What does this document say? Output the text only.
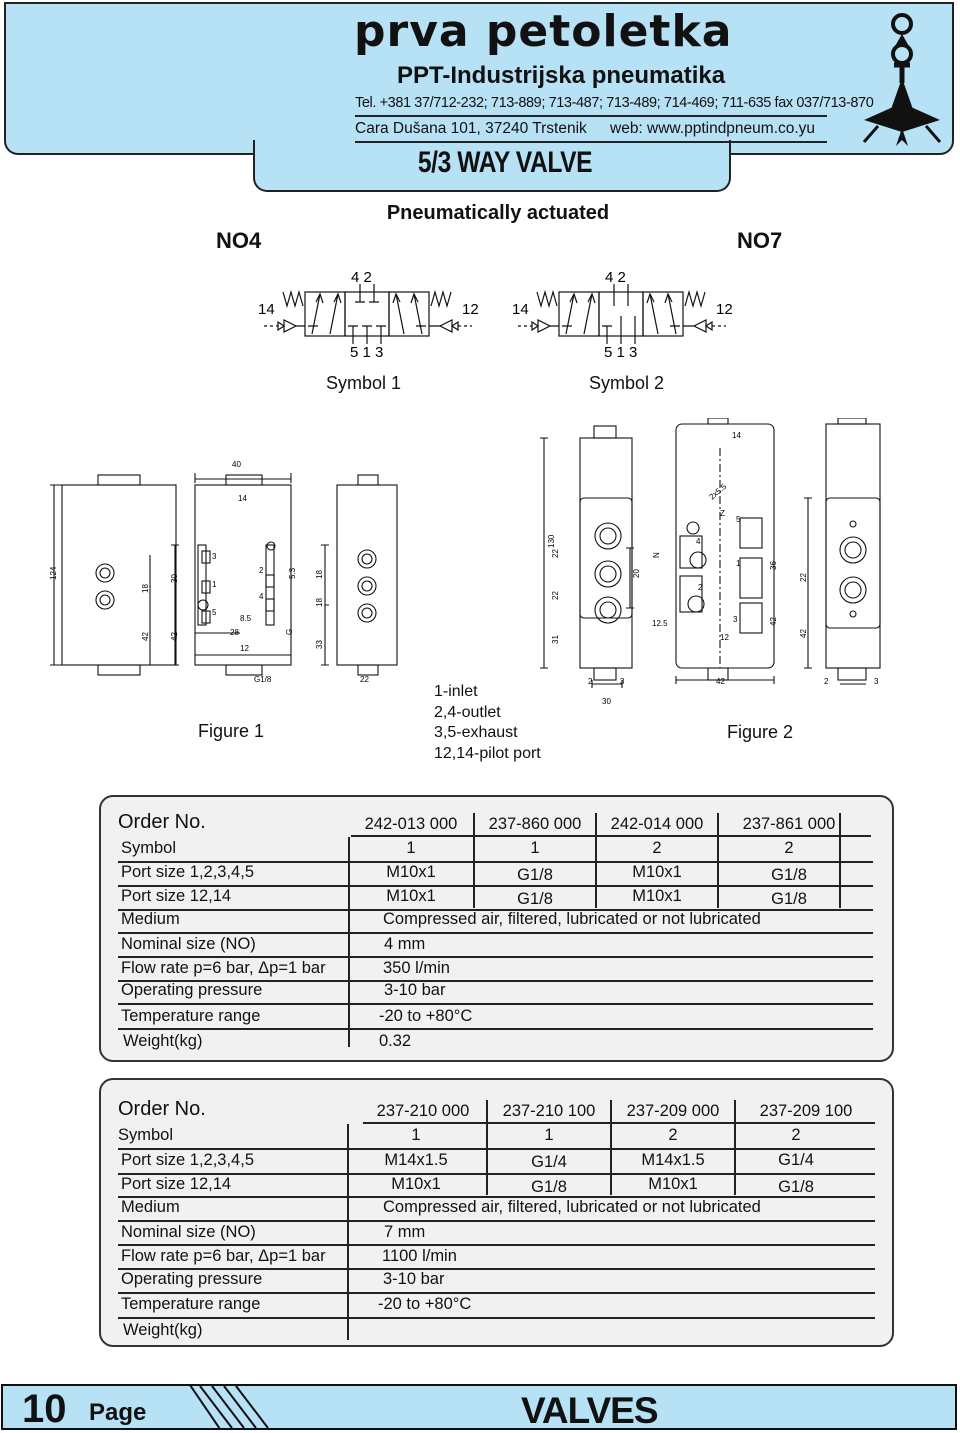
prva petoletka
PPT-Industrijska pneumatika
Tel. +381 37/712-232; 713-889; 713-487; 713-489; 714-469; 711-635 fax 037/713-870
Cara Dušana 101, 37240 Trstenik web: www.pptindpneum.co.yu
5/3 WAY VALVE
Pneumatically actuated
NO4	NO7
14	12
4 2
5 1 3
Symbol 1
14	12
4 2
5 1 3
Symbol 2
40
14
124
18
42
30
42
3
1
5
2
4
8.5
28
12
G1/8
G
5.3 18
18
33
22
130
22
22
31
20
N
12.5
14
2x5.5
Z
5
4
1
2
3
36
42
12
22
42
2	3
30
42	2	3
Figure 1	Figure 2
1-inlet
2,4-outlet
3,5-exhaust
12,14-pilot port
Order No.	242-013 000	237-860 000	242-014 000	237-861 000
Symbol	1	1	2	2
Port size 1,2,3,4,5	M10x1	G1/8	M10x1	G1/8
Port size 12,14	M10x1	G1/8	M10x1	G1/8
Medium	Compressed air, filtered, lubricated or not lubricated
Nominal size (NO)	4 mm
Flow rate p=6 bar, Δp=1 bar	350 l/min
Operating pressure	3-10 bar
Temperature range	-20 to +80°C
Weight(kg)	0.32
Order No.	237-210 000	237-210 100	237-209 000	237-209 100
Symbol	1	1	2	2
Port size 1,2,3,4,5	M14x1.5	G1/4	M14x1.5	G1/4
Port size 12,14	M10x1	G1/8	M10x1	G1/8
Medium	Compressed air, filtered, lubricated or not lubricated
Nominal size (NO)	7 mm
Flow rate p=6 bar, Δp=1 bar	1100 l/min
Operating pressure	3-10 bar
Temperature range	-20 to +80°C
Weight(kg)
10 Page	VALVES
